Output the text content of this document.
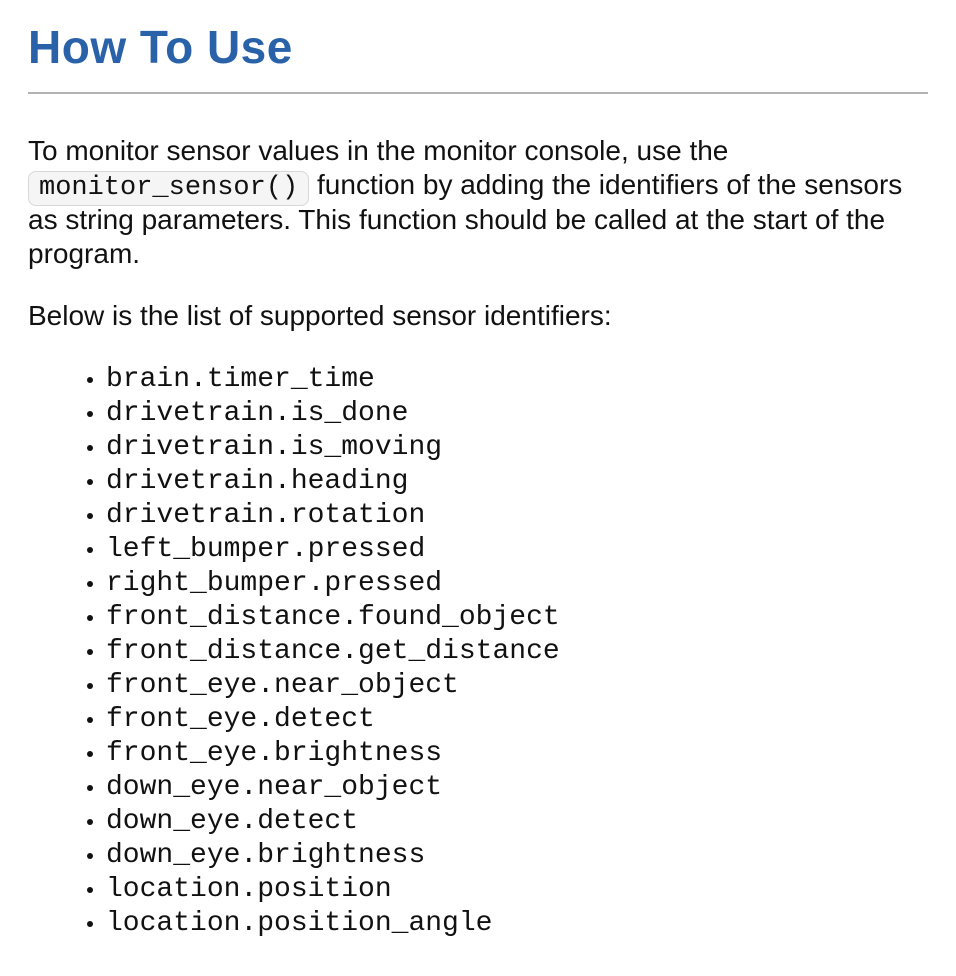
How To Use

To monitor sensor values in the monitor console, use the monitor_sensor() function by adding the identifiers of the sensors as string parameters. This function should be called at the start of the program.

Below is the list of supported sensor identifiers:

• brain.timer_time
• drivetrain.is_done
• drivetrain.is_moving
• drivetrain.heading
• drivetrain.rotation
• left_bumper.pressed
• right_bumper.pressed
• front_distance.found_object
• front_distance.get_distance
• front_eye.near_object
• front_eye.detect
• front_eye.brightness
• down_eye.near_object
• down_eye.detect
• down_eye.brightness
• location.position
• location.position_angle
